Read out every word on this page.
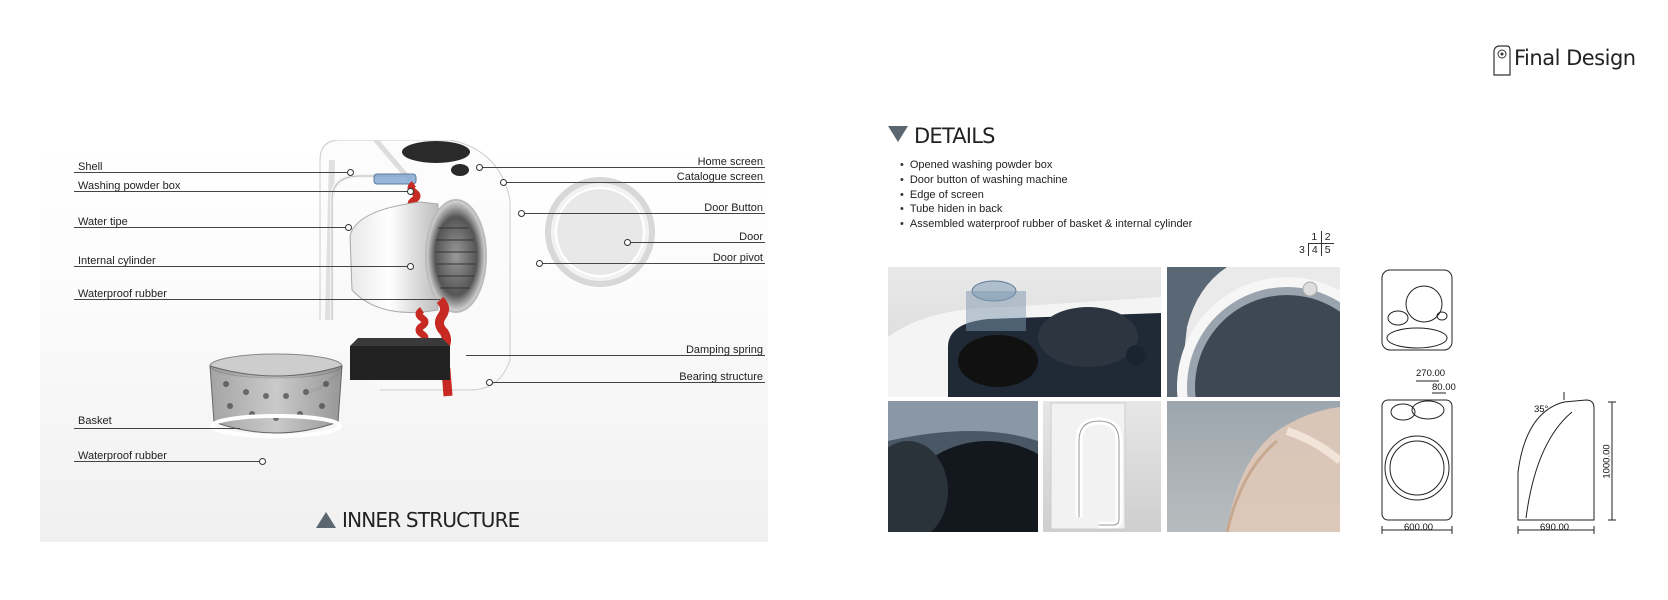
Final Design
Shell
Washing powder box
Water tipe
Internal cylinder
Waterproof rubber
Basket
Waterproof rubber
Home screen
Catalogue screen
Door Button
Door
Door pivot
Damping spring
Bearing structure
INNER STRUCTURE
DETAILS
• Opened washing powder box
• Door button of washing machine
• Edge of screen
• Tube hiden in back
• Assembled waterproof rubber of basket & internal cylinder
	1	2
3	4	5
270.00
80.00
600.00	690.00
35°
1000.00
